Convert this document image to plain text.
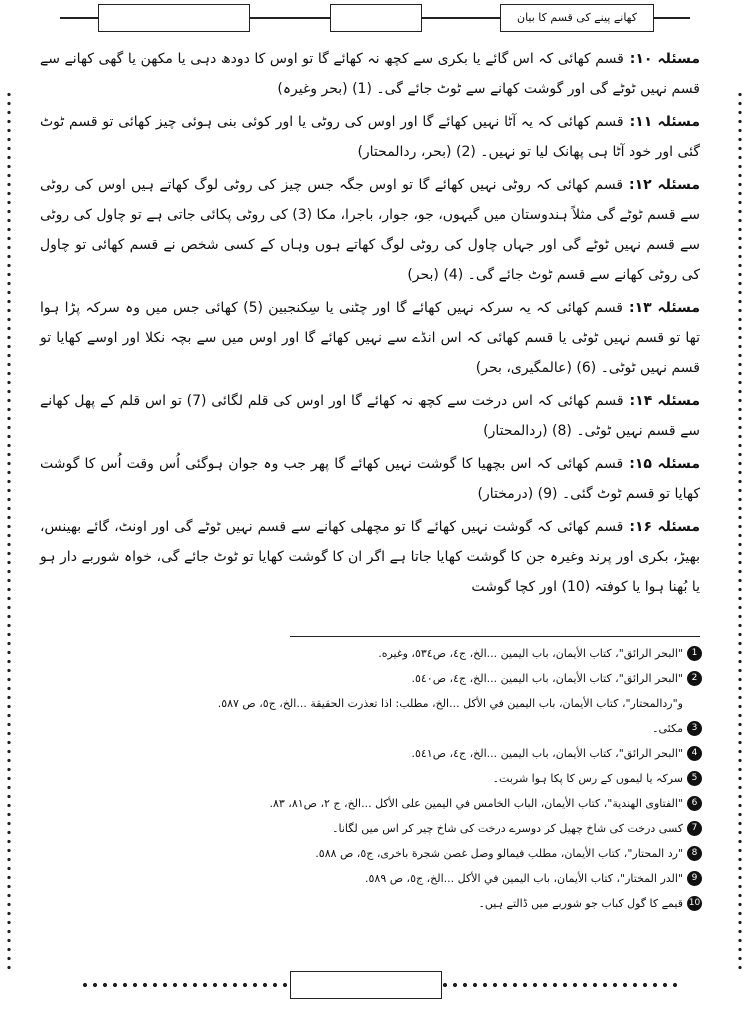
کھانے پینے کی قسم کا بیان

مسئلہ ۱۰:قسم کھائی کہ اس گائے یا بکری سے کچھ نہ کھائے گا تو اوس کا دودھ دہی یا مکھن یا گھی کھانے سے قسم نہیں ٹوٹے گی اور گوشت کھانے سے ٹوٹ جائے گی۔ (1) (بحر وغیرہ)

مسئلہ ۱۱:قسم کھائی کہ یہ آٹا نہیں کھائے گا اور اوس کی روٹی یا اور کوئی بنی ہوئی چیز کھائی تو قسم ٹوٹ گئی اور خود آٹا ہی پھانک لیا تو نہیں۔ (2) (بحر، ردالمحتار)

مسئلہ ۱۲:قسم کھائی کہ روٹی نہیں کھائے گا تو اوس جگہ جس چیز کی روٹی لوگ کھاتے ہیں اوس کی روٹی سے قسم ٹوٹے گی مثلاً ہندوستان میں گیہوں، جو، جوار، باجرا، مکا (3) کی روٹی پکائی جاتی ہے تو چاول کی روٹی سے قسم نہیں ٹوٹے گی اور جہاں چاول کی روٹی لوگ کھاتے ہوں وہاں کے کسی شخص نے قسم کھائی تو چاول کی روٹی کھانے سے قسم ٹوٹ جائے گی۔ (4) (بحر)

مسئلہ ۱۳:قسم کھائی کہ یہ سرکہ نہیں کھائے گا اور چٹنی یا سِکنجبین (5) کھائی جس میں وہ سرکہ پڑا ہوا تھا تو قسم نہیں ٹوٹی یا قسم کھائی کہ اس انڈے سے نہیں کھائے گا اور اوس میں سے بچہ نکلا اور اوسے کھایا تو قسم نہیں ٹوٹی۔ (6) (عالمگیری، بحر)

مسئلہ ۱۴:قسم کھائی کہ اس درخت سے کچھ نہ کھائے گا اور اوس کی قلم لگائی (7) تو اس قلم کے پھل کھانے سے قسم نہیں ٹوٹی۔ (8) (ردالمحتار)

مسئلہ ۱۵:قسم کھائی کہ اس بچھیا کا گوشت نہیں کھائے گا پھر جب وہ جوان ہوگئی اُس وقت اُس کا گوشت کھایا تو قسم ٹوٹ گئی۔ (9) (درمختار)

مسئلہ ۱۶:قسم کھائی کہ گوشت نہیں کھائے گا تو مچھلی کھانے سے قسم نہیں ٹوٹے گی اور اونٹ، گائے بھینس، بھیڑ، بکری اور پرند وغیرہ جن کا گوشت کھایا جاتا ہے اگر ان کا گوشت کھایا تو ٹوٹ جائے گی، خواہ شوربے دار ہو یا بُھنا ہوا یا کوفتہ (10) اور کچا گوشت

1
"البحر الرائق"، كتاب الأيمان، باب اليمين ...الخ، ج٤، ص٥٣٤، وغيره.
2
"البحر الرائق"، كتاب الأيمان، باب اليمين ...الخ، ج٤، ص٥٤٠.
و"ردالمحتار"، كتاب الأيمان، باب اليمين في الأكل ...الخ، مطلب: اذا تعذرت الحقيقة ...الخ، ج٥، ص ٥٨٧.
3
مکئی۔
4
"البحر الرائق"، كتاب الأيمان، باب اليمين ...الخ، ج٤، ص٥٤١.
5
سرکہ یا لیموں کے رس کا پکا ہوا شربت۔
6
"الفتاوى الهندية"، كتاب الأيمان، الباب الخامس في اليمين على الأكل ...الخ، ج ٢، ص٨١، ٨٣.
7
کسی درخت کی شاخ چھیل کر دوسرے درخت کی شاخ چیر کر اس میں لگانا۔
8
"رد المحتار"، كتاب الأيمان، مطلب فيمالو وصل غصن شجرة باخرى، ج٥، ص ٥٨٨.
9
"الدر المختار"، كتاب الأيمان، باب اليمين في الأكل ...الخ، ج٥، ص ٥٨٩.
10
قیمے کا گول کباب جو شوربے میں ڈالتے ہیں۔
